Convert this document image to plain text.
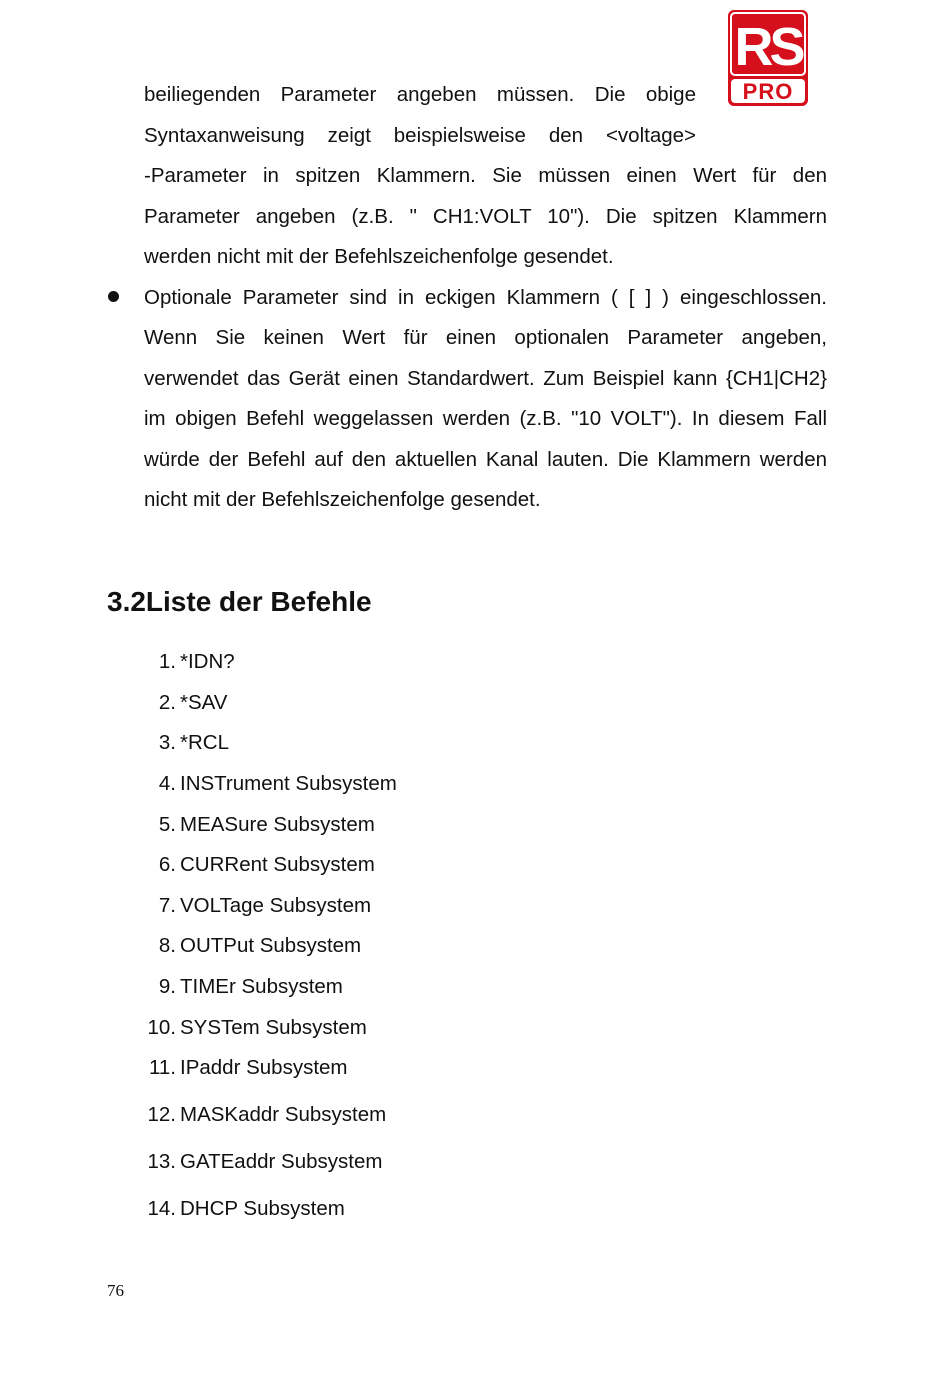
RS
PRO
beiliegenden Parameter angeben müssen. Die obige
Syntaxanweisung zeigt beispielsweise den <voltage>
-Parameter in spitzen Klammern. Sie müssen einen Wert für den
Parameter angeben (z.B. " CH1:VOLT 10"). Die spitzen Klammern
werden nicht mit der Befehlszeichenfolge gesendet.
Optionale Parameter sind in eckigen Klammern ( [ ] ) eingeschlossen.
Wenn Sie keinen Wert für einen optionalen Parameter angeben,
verwendet das Gerät einen Standardwert. Zum Beispiel kann {CH1|CH2}
im obigen Befehl weggelassen werden (z.B. "10 VOLT"). In diesem Fall
würde der Befehl auf den aktuellen Kanal lauten. Die Klammern werden
nicht mit der Befehlszeichenfolge gesendet.
3.2Liste der Befehle
1. *IDN?
2. *SAV
3. *RCL
4. INSTrument Subsystem
5. MEASure Subsystem
6. CURRent Subsystem
7. VOLTage Subsystem
8. OUTPut Subsystem
9. TIMEr Subsystem
10. SYSTem Subsystem
11. IPaddr Subsystem
12. MASKaddr Subsystem
13. GATEaddr Subsystem
14. DHCP Subsystem
76
